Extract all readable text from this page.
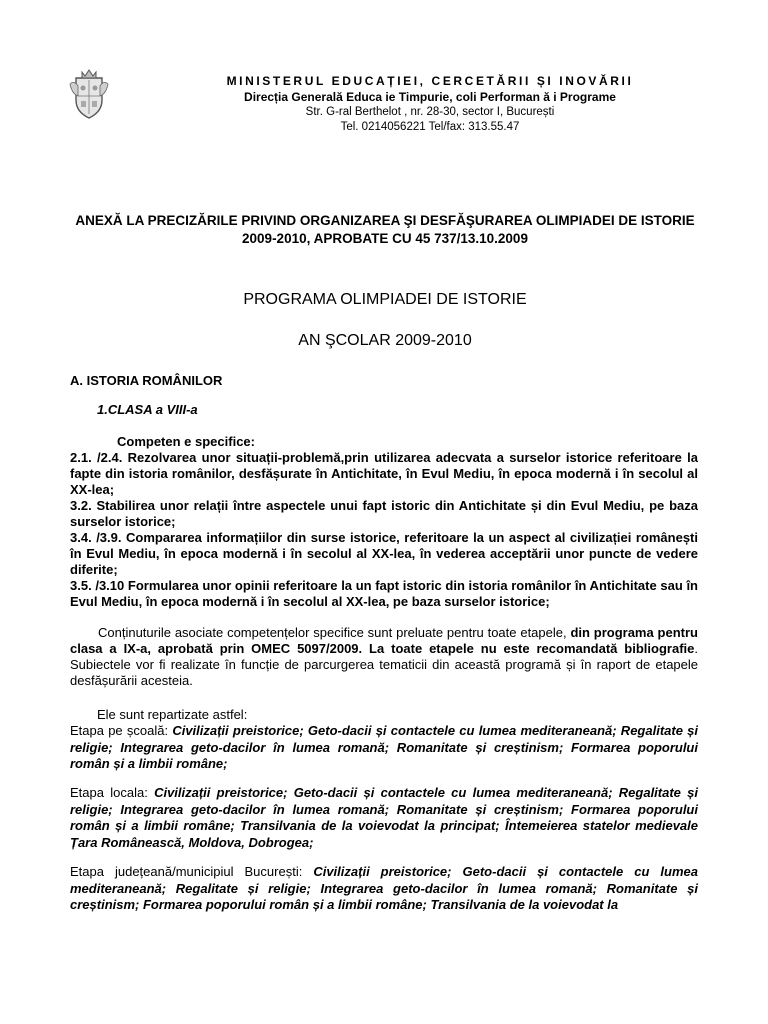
MINISTERUL EDUCAȚIEI, CERCETĂRII ȘI INOVĂRII
Direcția Generală Educa ie Timpurie, coli Performan ă i Programe
Str. G-ral Berthelot , nr. 28-30, sector I, București
Tel. 0214056221 Tel/fax: 313.55.47
ANEXĂ LA PRECIZĂRILE PRIVIND ORGANIZAREA ŞI DESFĂŞURAREA OLIMPIADEI DE ISTORIE 2009-2010, APROBATE CU 45 737/13.10.2009
PROGRAMA OLIMPIADEI DE ISTORIE
AN ŞCOLAR 2009-2010
A. ISTORIA ROMÂNILOR
1.CLASA a VIII-a
Competen e specifice:

2.1. /2.4. Rezolvarea unor situații-problemă,prin utilizarea adecvata a surselor istorice referitoare la fapte din istoria românilor, desfășurate în Antichitate, în Evul Mediu, în epoca modernă i în secolul al XX-lea;

3.2. Stabilirea unor relații între aspectele unui fapt istoric din Antichitate și din Evul Mediu, pe baza surselor istorice;

3.4. /3.9. Compararea informațiilor din surse istorice, referitoare la un aspect al civilizației românești în Evul Mediu, în epoca modernă i în secolul al XX-lea, în vederea acceptării unor puncte de vedere diferite;

3.5. /3.10 Formularea unor opinii referitoare la un fapt istoric din istoria românilor în Antichitate sau în Evul Mediu, în epoca modernă i în secolul al XX-lea, pe baza surselor istorice;

Conținuturile asociate competențelor specifice sunt preluate pentru toate etapele, din programa pentru clasa a IX-a, aprobată prin OMEC 5097/2009. La toate etapele nu este recomandată bibliografie. Subiectele vor fi realizate în funcție de parcurgerea tematicii din această programă și în raport de etapele desfășurării acesteia.

Ele sunt repartizate astfel:
Etapa pe școală: Civilizații preistorice; Geto-dacii și contactele cu lumea mediteraneană; Regalitate și religie; Integrarea geto-dacilor în lumea romană; Romanitate și creștinism; Formarea poporului român și a limbii române;
Etapa locala: Civilizații preistorice; Geto-dacii și contactele cu lumea mediteraneană; Regalitate și religie; Integrarea geto-dacilor în lumea romană; Romanitate și creștinism; Formarea poporului român și a limbii române; Transilvania de la voievodat la principat; Întemeierea statelor medievale Țara Românească, Moldova, Dobrogea;
Etapa județeană/municipiul București: Civilizații preistorice; Geto-dacii și contactele cu lumea mediteraneană; Regalitate și religie; Integrarea geto-dacilor în lumea romană; Romanitate și creștinism; Formarea poporului român și a limbii române; Transilvania de la voievodat la
